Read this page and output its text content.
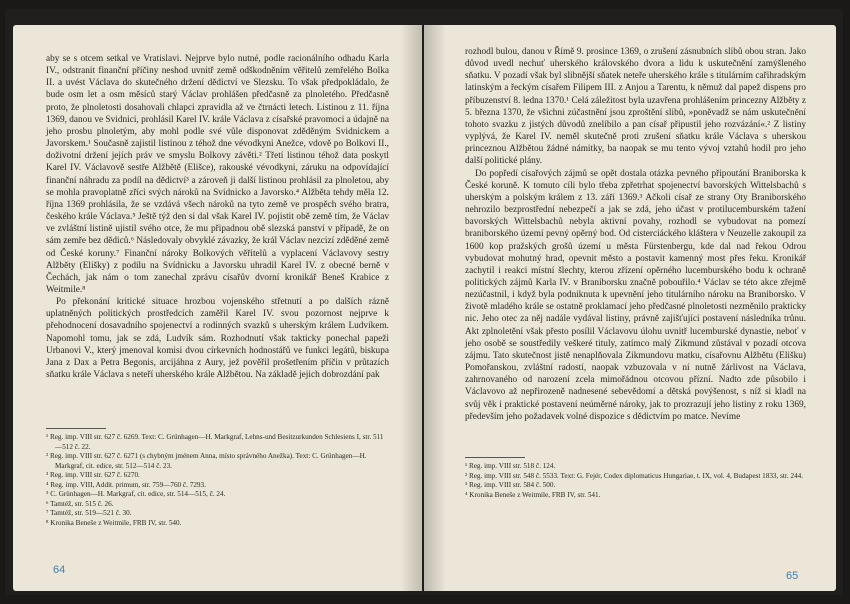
aby se s otcem setkal ve Vratislavi. Nejprve bylo nutné, podle racionálního odhadu Karla IV., odstranit finanční příčiny neshod uvnitř země odškodněním věřitelů zemřelého Bolka II. a uvést Václava do skutečného držení dědictví ve Slezsku. To však předpokládalo, že bude osm let a osm měsíců starý Václav prohlášen předčasně za plnoletého. Předčasně proto, že plnoletosti dosahovali chlapci zpravidla až ve čtrnácti letech. Listinou z 11. října 1369, danou ve Svidnici, prohlásil Karel IV. krále Václava z císařské pravomoci a údajně na jeho prosbu plnoletým, aby mohl podle své vůle disponovat zděděným Svidnickem a Javorskem.¹ Současně zajistil listinou z téhož dne vévodkyni Anežce, vdově po Bolkovi II., doživotní držení jejích práv ve smyslu Bolkovy závěti.² Třetí listinou téhož data poskytl Karel IV. Václavově sestře Alžbětě (Elišce), rakouské vévodkyni, záruku na odpovídající finanční náhradu za podíl na dědictví³ a zároveň ji další listinou prohlásil za plnoletou, aby se mohla pravoplatně zříci svých nároků na Svídnicko a Javorsko.⁴ Alžběta tehdy měla 12. října 1369 prohlásila, že se vzdává všech nároků na tyto země ve prospěch svého bratra, českého krále Václava.⁵ Ještě týž den si dal však Karel IV. pojistit obě země tím, že Václav ve zvláštní listině ujistil svého otce, že mu připadnou obě slezská panství v případě, že on sám zemře bez dědiců.⁶ Následovaly obvyklé závazky, že král Václav nezcizí zděděné země od České koruny.⁷ Finanční nároky Bolkových věřitelů a vyplacení Václavovy sestry Alžběty (Elišky) z podílu na Svídnicku a Javorsku uhradil Karel IV. z obecné berně v Čechách, jak nám o tom zanechal zprávu císařův dvorní kronikář Beneš Krabice z Weitmile.⁸

Po překonání kritické situace hrozbou vojenského střetnutí a po dalších rázně uplatněných politických prostředcích zaměřil Karel IV. svou pozornost nejprve k přehodnocení dosavadního spojenectví a rodinných svazků s uherským králem Ludvíkem. Napomohl tomu, jak se zdá, Ludvík sám. Rozhodnutí však takticky ponechal papeži Urbanovi V., který jmenoval komisi dvou církevních hodnostářů ve funkci legátů, biskupa Jana z Dax a Petra Begonis, arcijáhna z Aury, jež pověřil prošetřením příčin v průtazích sňatku krále Václava s neteří uherského krále Alžbětou. Na základě jejich dobrozdání pak

¹ Reg. imp. VIII str. 627 č. 6269. Text: C. Grünhagen—H. Markgraf, Lehns-und Besitzurkunden Schlesiens I, str. 511—512 č. 22.

² Reg. imp. VIII str. 627 č. 6271 (s chybným jménem Anna, místo správného Anežka). Text: C. Grünhagen—H. Markgraf, cit. edice, str. 512—514 č. 23.

³ Reg. imp. VIII str. 627 č. 6270.

⁴ Reg. imp. VIII, Addit. primum, str. 759—760 č. 7293.

⁵ C. Grünhagen—H. Markgraf, cit. edice, str. 514—515, č. 24.

⁶ Tamtéž, str. 515 č. 26.

⁷ Tamtéž, str. 519—521 č. 30.

⁸ Kronika Beneše z Weitmile, FRB IV, str. 540.

64

rozhodl bulou, danou v Římě 9. prosince 1369, o zrušení zásnubních slibů obou stran. Jako důvod uvedl nechuť uherského královského dvora a lidu k uskutečnění zamýšleného sňatku. V pozadí však byl slibnější sňatek neteře uherského krále s titulárním cařihradským latinským a řeckým císařem Filipem III. z Anjou a Tarentu, k němuž dal papež dispens pro příbuzenství 8. ledna 1370.¹ Celá záležitost byla uzavřena prohlášením princezny Alžběty z 5. března 1370, že všichni zúčastnění jsou zproštění slibů, »poněvadž se nám uskutečnění tohoto svazku z jistých důvodů znelíbilo a pan císař připustil jeho rozvázání«.² Z listiny vyplývá, že Karel IV. neměl skutečně proti zrušení sňatku krále Václava s uherskou princeznou Alžbětou žádné námitky, ba naopak se mu tento vývoj vztahů hodil pro jeho další politické plány.

Do popředí císařových zájmů se opět dostala otázka pevného připoutání Braniborska k České koruně. K tomuto cíli bylo třeba zpřetrhat spojenectví bavorských Wittelsbachů s uherským a polským králem z 13. září 1369.³ Ačkoli císař ze strany Oty Braniborského nehrozilo bezprostřední nebezpečí a jak se zdá, jeho účast v protilucemburském tažení bavorských Wittelsbachů nebyla aktivní povahy, rozhodl se vybudovat na pomezí braniborského území pevný opěrný bod. Od cisterciáckého kláštera v Neuzelle zakoupil za 1600 kop pražských grošů území u města Fürstenbergu, kde dal nad řekou Odrou vybudovat mohutný hrad, opevnit město a postavit kamenný most přes řeku. Kronikář zachytil i reakci místní šlechty, kterou zřízení opěrného lucemburského bodu k ochraně politických zájmů Karla IV. v Braniborsku značně pobouřilo.⁴ Václav se této akce zřejmě nezúčastnil, i když byla podniknuta k upevnění jeho titulárního nároku na Braniborsko. V životě mladého krále se ostatně proklamací jeho předčasné plnoletosti nezměnilo prakticky nic. Jeho otec za něj nadále vydával listiny, právně zajišťující postavení následníka trůnu. Akt zplnoletění však přesto posílil Václavovu úlohu uvnitř lucemburské dynastie, neboť v jeho osobě se soustředily veškeré tituly, zatímco malý Zikmund zůstával v pozadí otcova zájmu. Tato skutečnost jistě nenaplňovala Zikmundovu matku, císařovnu Alžbětu (Elišku) Pomořanskou, zvláštní radostí, naopak vzbuzovala v ní nutně žárlivost na Václava, zahrnovaného od narození zcela mimořádnou otcovou přízní. Nadto zde působilo i Václavovo až nepřirozeně nadnesené sebevědomí a dětská povýšenost, s níž si kladl na svůj věk i praktické postavení neúměrné nároky, jak to prozrazují jeho listiny z roku 1369, především jeho požadavek volné dispozice s dědictvím po matce. Nevíme

¹ Reg. imp. VIII str. 518 č. 124.

² Reg. imp. VIII str. 548 č. 5533. Text: G. Fejér, Codex diplomaticus Hungariae, t. IX, vol. 4, Budapest 1833, str. 244.

³ Reg. imp. VIII str. 584 č. 500.

⁴ Kronika Beneše z Weitmile, FRB IV, str. 541.

65
